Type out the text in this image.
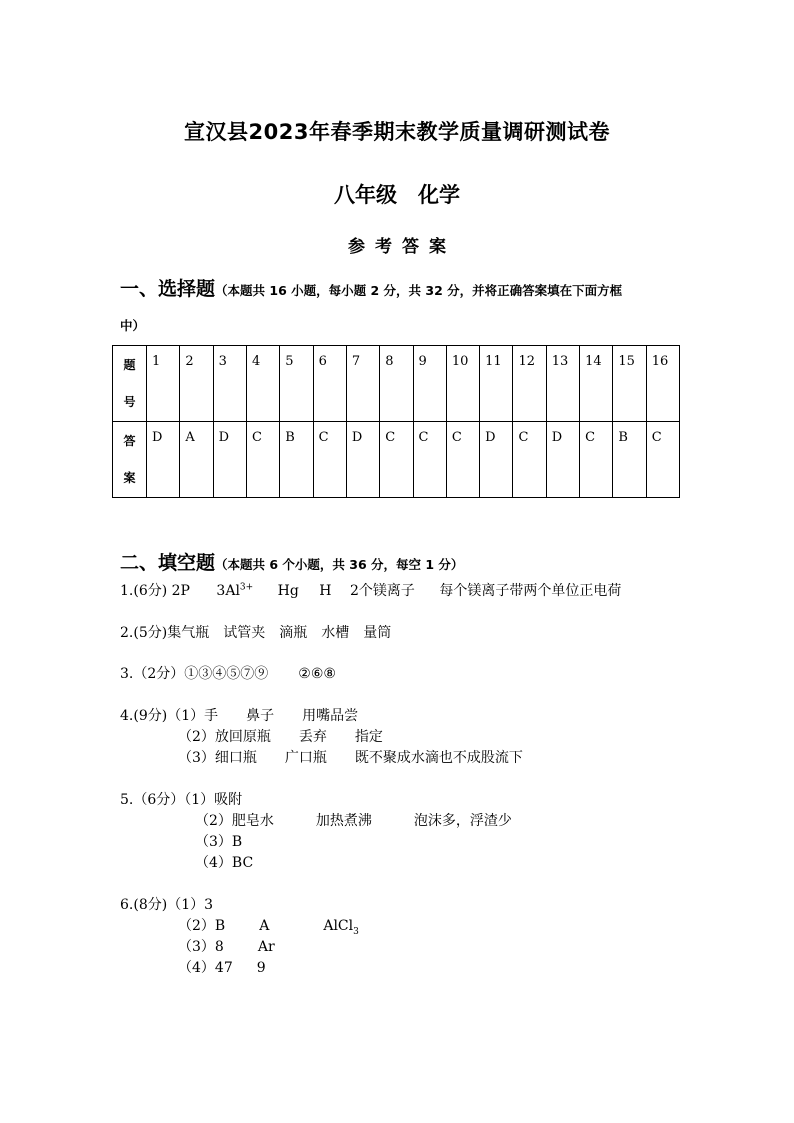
宣汉县2023年春季期末教学质量调研测试卷
八年级　化学
参考答案
一、选择题（本题共 16 小题，每小题 2 分，共 32 分，并将正确答案填在下面方框
中）
题
号	1	2	3	4	5	6	7	8	9	10	11	12	13	14	15	16

答
案	D	A	D	C	B	C	D	C	C	C	D	C	D	C	B	C
二、填空题（本题共 6 个小题，共 36 分，每空 1 分）
1.(6分) 2P $3Al^{3+}$ Hg H 2个镁离子 每个镁离子带两个单位正电荷
2.(5分)集气瓶　试管夹　滴瓶　水槽　量筒
3.（2分）①③④⑤⑦⑨ ②⑥⑧
4.(9分)（1）手　　鼻子　　用嘴品尝
（2）放回原瓶　　丢弃　　指定
（3）细口瓶　　广口瓶　　既不聚成水滴也不成股流下
5.（6分）（1）吸附
（2）肥皂水　　　加热煮沸　　　泡沫多，浮渣少
（3）B
（4）BC
6.(8分)（1）3
（2）B A	AlCl$_3$
（3）8 Ar
（4）47 9
